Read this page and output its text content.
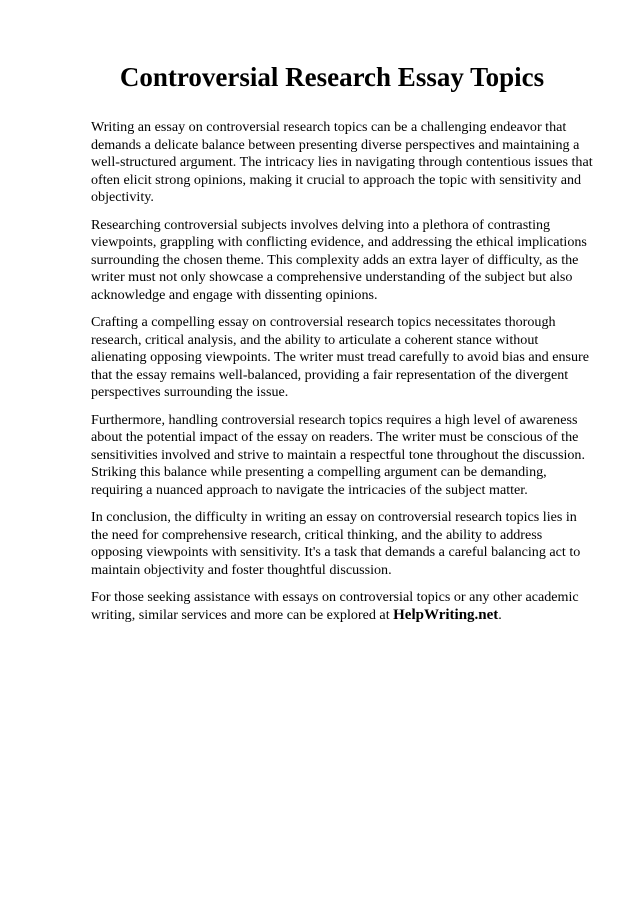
Controversial Research Essay Topics

Writing an essay on controversial research topics can be a challenging endeavor that demands a delicate balance between presenting diverse perspectives and maintaining a well-structured argument. The intricacy lies in navigating through contentious issues that often elicit strong opinions, making it crucial to approach the topic with sensitivity and objectivity.

Researching controversial subjects involves delving into a plethora of contrasting viewpoints, grappling with conflicting evidence, and addressing the ethical implications surrounding the chosen theme. This complexity adds an extra layer of difficulty, as the writer must not only showcase a comprehensive understanding of the subject but also acknowledge and engage with dissenting opinions.

Crafting a compelling essay on controversial research topics necessitates thorough research, critical analysis, and the ability to articulate a coherent stance without alienating opposing viewpoints. The writer must tread carefully to avoid bias and ensure that the essay remains well-balanced, providing a fair representation of the divergent perspectives surrounding the issue.

Furthermore, handling controversial research topics requires a high level of awareness about the potential impact of the essay on readers. The writer must be conscious of the sensitivities involved and strive to maintain a respectful tone throughout the discussion. Striking this balance while presenting a compelling argument can be demanding, requiring a nuanced approach to navigate the intricacies of the subject matter.

In conclusion, the difficulty in writing an essay on controversial research topics lies in the need for comprehensive research, critical thinking, and the ability to address opposing viewpoints with sensitivity. It's a task that demands a careful balancing act to maintain objectivity and foster thoughtful discussion.

For those seeking assistance with essays on controversial topics or any other academic writing, similar services and more can be explored at HelpWriting.net.
